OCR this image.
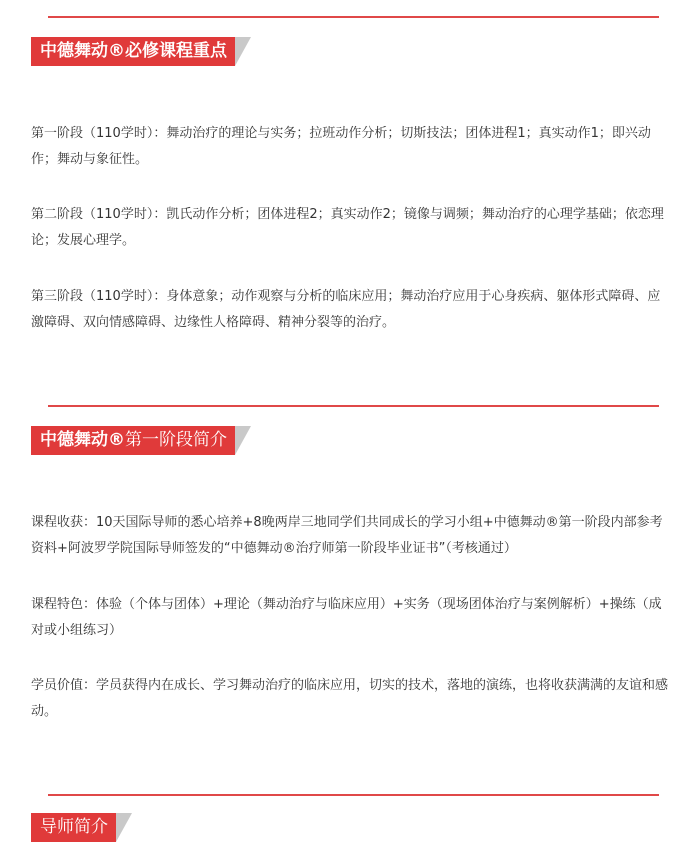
中德舞动®必修课程重点

第一阶段（110学时）：舞动治疗的理论与实务；拉班动作分析；切斯技法；团体进程1；真实动作1；即兴动作；舞动与象征性。

第二阶段（110学时）：凯氏动作分析；团体进程2；真实动作2；镜像与调频；舞动治疗的心理学基础；依恋理论；发展心理学。

第三阶段（110学时）：身体意象；动作观察与分析的临床应用；舞动治疗应用于心身疾病、躯体形式障碍、应激障碍、双向情感障碍、边缘性人格障碍、精神分裂等的治疗。

中德舞动®第一阶段简介

课程收获：10天国际导师的悉心培养+8晚两岸三地同学们共同成长的学习小组+中德舞动®第一阶段内部参考资料+阿波罗学院国际导师签发的“中德舞动®治疗师第一阶段毕业证书”（考核通过）

课程特色：体验（个体与团体）+理论（舞动治疗与临床应用）+实务（现场团体治疗与案例解析）+操练（成对或小组练习）

学员价值：学员获得内在成长、学习舞动治疗的临床应用，切实的技术，落地的演练，也将收获满满的友谊和感动。

导师简介
